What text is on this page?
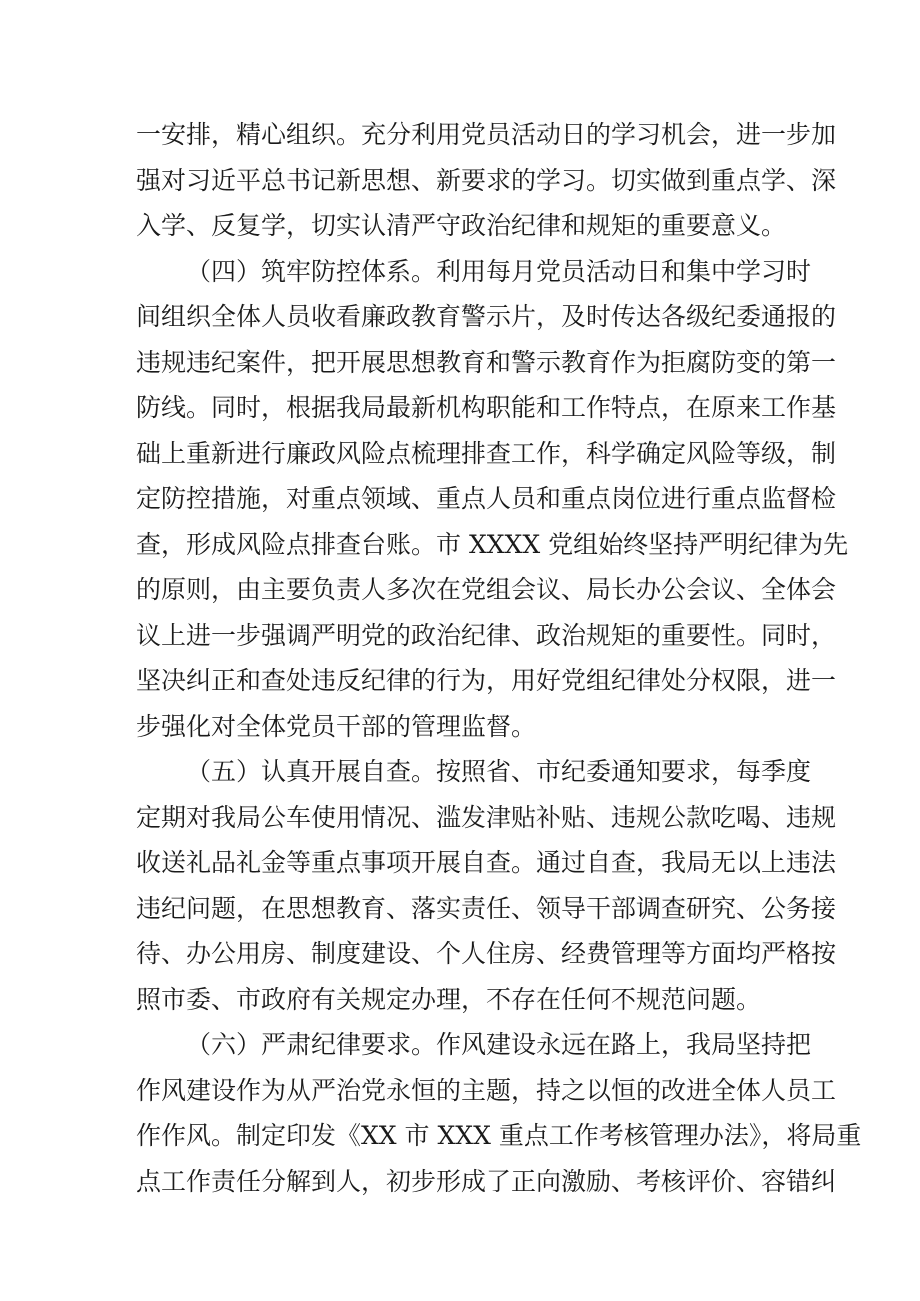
一安排，精心组织。充分利用党员活动日的学习机会，进一步加
强对习近平总书记新思想、新要求的学习。切实做到重点学、深
入学、反复学，切实认清严守政治纪律和规矩的重要意义。
（四）筑牢防控体系。利用每月党员活动日和集中学习时
间组织全体人员收看廉政教育警示片，及时传达各级纪委通报的
违规违纪案件，把开展思想教育和警示教育作为拒腐防变的第一
防线。同时，根据我局最新机构职能和工作特点，在原来工作基
础上重新进行廉政风险点梳理排查工作，科学确定风险等级，制
定防控措施，对重点领域、重点人员和重点岗位进行重点监督检
查，形成风险点排查台账。市 XXXX 党组始终坚持严明纪律为先
的原则，由主要负责人多次在党组会议、局长办公会议、全体会
议上进一步强调严明党的政治纪律、政治规矩的重要性。同时，
坚决纠正和查处违反纪律的行为，用好党组纪律处分权限，进一
步强化对全体党员干部的管理监督。
（五）认真开展自查。按照省、市纪委通知要求，每季度
定期对我局公车使用情况、滥发津贴补贴、违规公款吃喝、违规
收送礼品礼金等重点事项开展自查。通过自查，我局无以上违法
违纪问题，在思想教育、落实责任、领导干部调查研究、公务接
待、办公用房、制度建设、个人住房、经费管理等方面均严格按
照市委、市政府有关规定办理，不存在任何不规范问题。
（六）严肃纪律要求。作风建设永远在路上，我局坚持把
作风建设作为从严治党永恒的主题，持之以恒的改进全体人员工
作作风。制定印发《XX 市 XXX 重点工作考核管理办法》，将局重
点工作责任分解到人，初步形成了正向激励、考核评价、容错纠
